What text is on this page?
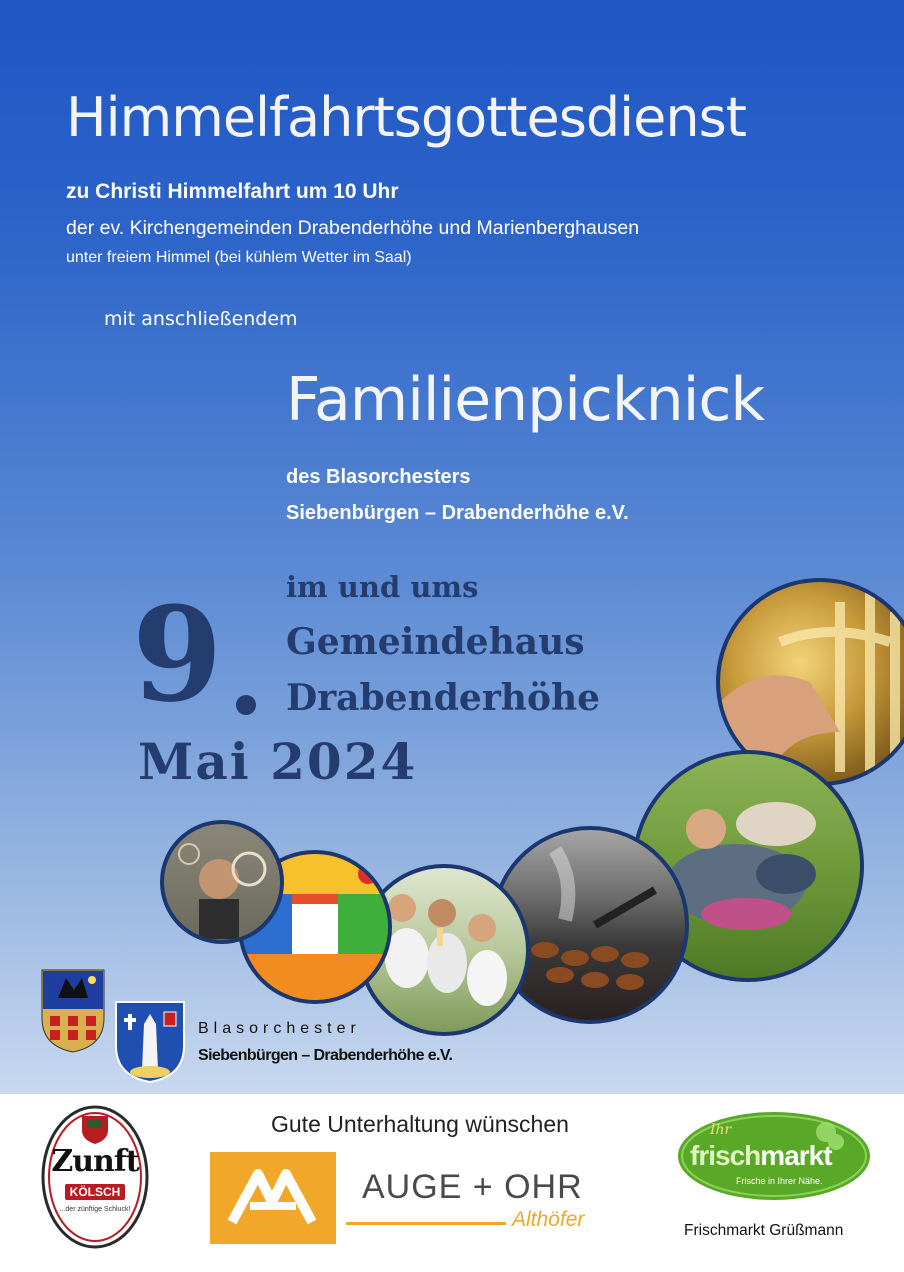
Himmelfahrtsgottesdienst
zu Christi Himmelfahrt um 10 Uhr
der ev. Kirchengemeinden Drabenderhöhe und Marienberghausen
unter freiem Himmel (bei kühlem Wetter im Saal)
mit anschließendem
Familienpicknick
des Blasorchesters
Siebenbürgen – Drabenderhöhe e.V.
im und ums
Gemeindehaus
Drabenderhöhe
9
Mai 2024
Blasorchester
Siebenbürgen – Drabenderhöhe e.V.
Gute Unterhaltung wünschen
Zunft
KÖLSCH
...der zünftige Schluck!
AUGE + OHR
Althöfer
Ihr
frischmarkt
Frische in Ihrer Nähe.
Frischmarkt Grüßmann
